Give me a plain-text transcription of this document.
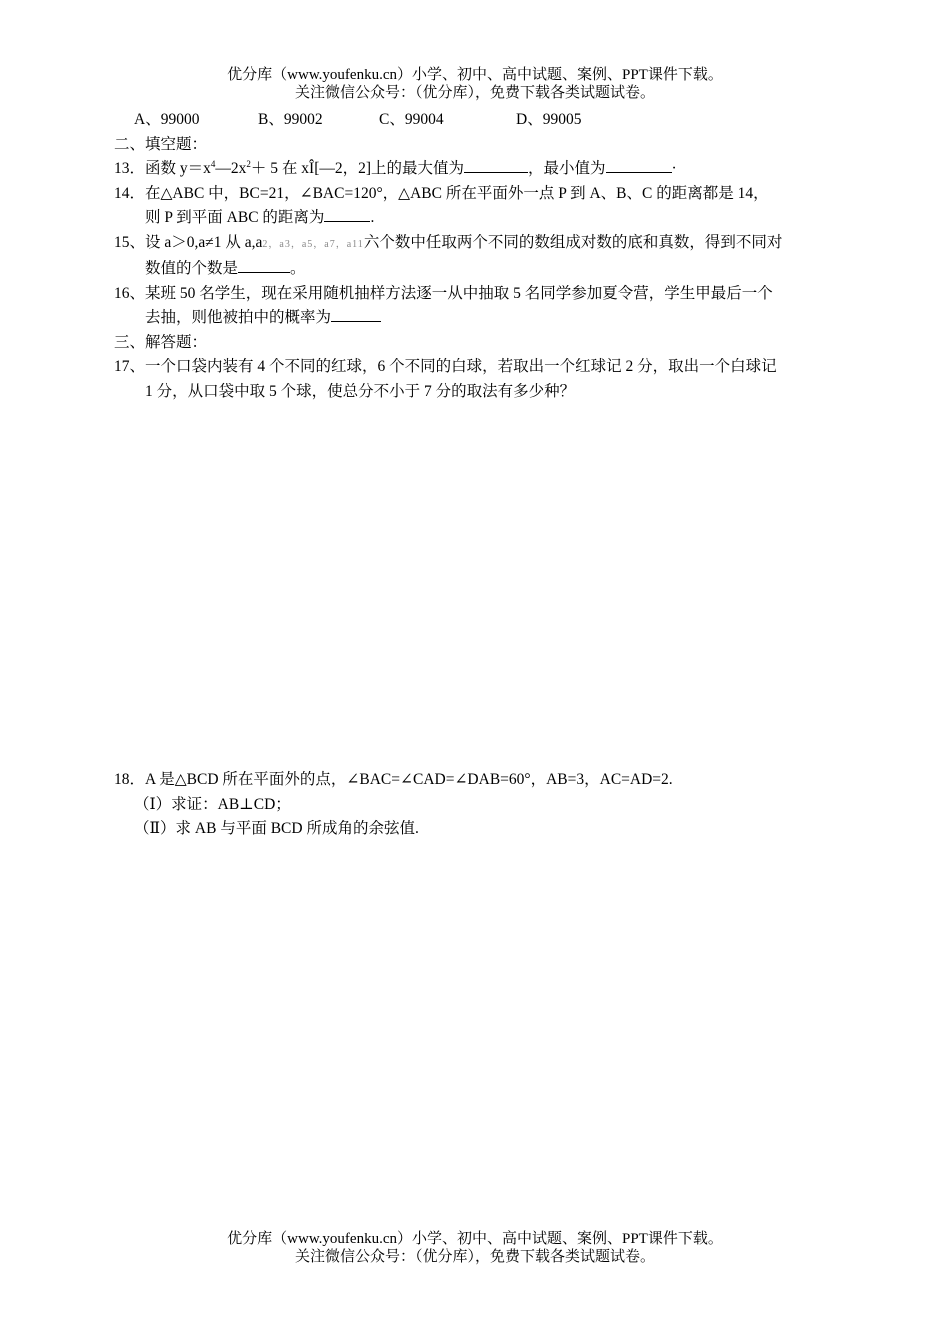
优分库（www.youfenku.cn）小学、初中、高中试题、案例、PPT课件下载。
关注微信公众号：（优分库），免费下载各类试题试卷。
A、99000	B、99002	C、99004	D、99005
二、填空题：
13． 函数 $y=x^4—2x^2+ 5$ 在 xÎ[—2，2]上的最大值为	，最小值为	·
14． 在△ABC 中，BC=21，∠BAC=120°，△ABC 所在平面外一点 P 到 A、B、C 的距离都是 14，
则 P 到平面 ABC 的距离为	.
15、 设 a＞0,a≠1 从 a,a2，a3，a5，a7，a11六个数中任取两个不同的数组成对数的底和真数，得到不同对
数值的个数是	。
16、 某班 50 名学生，现在采用随机抽样方法逐一从中抽取 5 名同学参加夏令营，学生甲最后一个
去抽，则他被拍中的概率为
三、解答题：
17、 一个口袋内装有 4 个不同的红球，6 个不同的白球，若取出一个红球记 2 分，取出一个白球记
1 分，从口袋中取 5 个球，使总分不小于 7 分的取法有多少种？
18． A 是△BCD 所在平面外的点，∠BAC=∠CAD=∠DAB=60°，AB=3，AC=AD=2.
（Ⅰ）求证：AB⊥CD；
（Ⅱ）求 AB 与平面 BCD 所成角的余弦值.
优分库（www.youfenku.cn）小学、初中、高中试题、案例、PPT课件下载。
关注微信公众号：（优分库），免费下载各类试题试卷。
